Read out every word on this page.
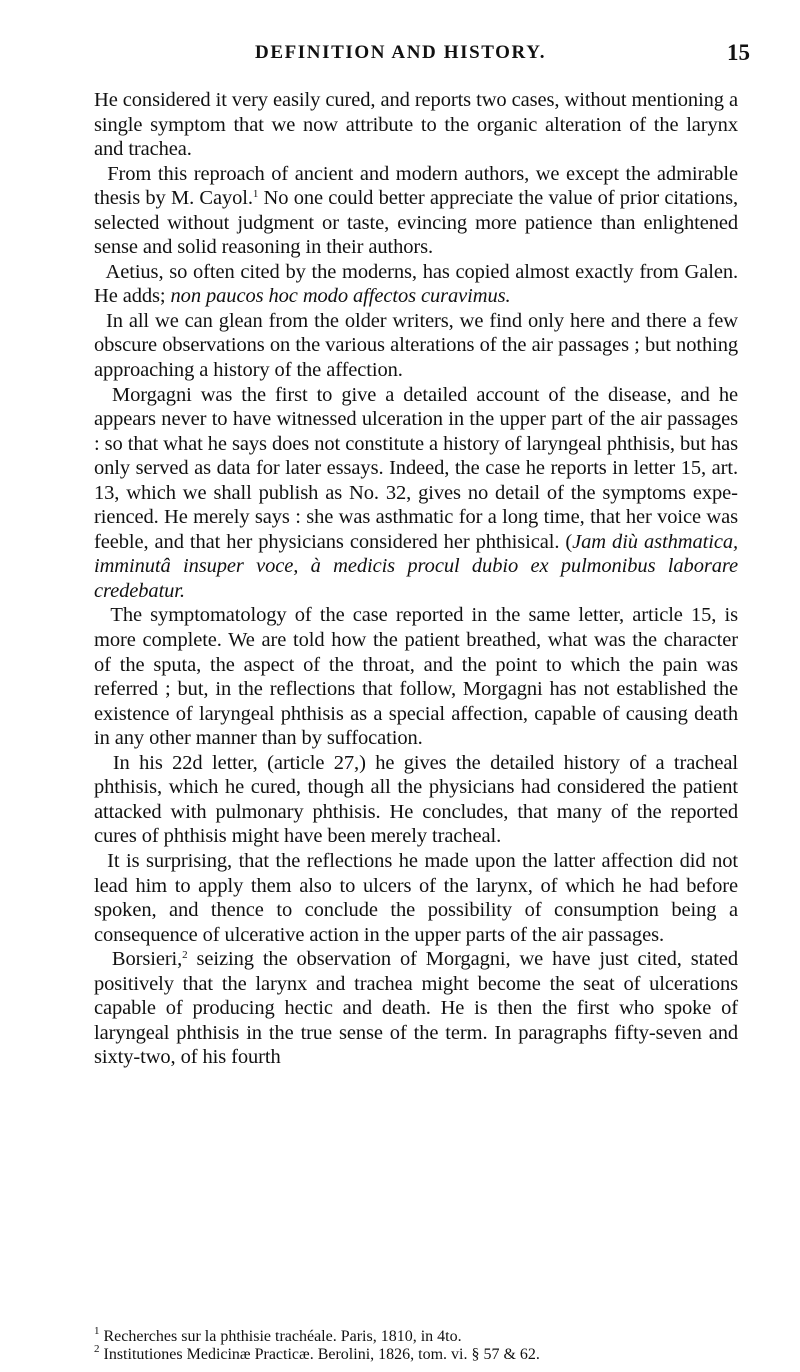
DEFINITION AND HISTORY.	15

He considered it very easily cured, and reports two cases, without mentioning a single symptom that we now attribute to the organic alteration of the larynx and trachea.

From this reproach of ancient and modern authors, we except the admirable thesis by M. Cayol.$^1$ No one could better appreciate the value of prior citations, selected without judgment or taste, evincing more patience than enlightened sense and solid reasoning in their authors.

Aetius, so often cited by the moderns, has copied almost exactly from Galen. He adds; non paucos hoc modo affectos curavimus.

In all we can glean from the older writers, we find only here and there a few obscure observations on the various alterations of the air passages ; but nothing approaching a history of the affection.

Morgagni was the first to give a detailed account of the disease, and he appears never to have witnessed ulceration in the upper part of the air passages : so that what he says does not constitute a history of laryngeal phthisis, but has only served as data for later essays. Indeed, the case he reports in letter 15, art. 13, which we shall publish as No. 32, gives no detail of the symptoms experienced. He merely says : she was asthmatic for a long time, that her voice was feeble, and that her physicians considered her phthisical. (Jam diù asthmatica, imminutâ insuper voce, à medicis procul dubio ex pulmonibus laborare credebatur.

The symptomatology of the case reported in the same letter, article 15, is more complete. We are told how the patient breathed, what was the character of the sputa, the aspect of the throat, and the point to which the pain was referred ; but, in the reflections that follow, Morgagni has not established the existence of laryngeal phthisis as a special affection, capable of causing death in any other manner than by suffocation.

In his 22d letter, (article 27,) he gives the detailed history of a tracheal phthisis, which he cured, though all the physicians had considered the patient attacked with pulmonary phthisis. He concludes, that many of the reported cures of phthisis might have been merely tracheal.

It is surprising, that the reflections he made upon the latter affection did not lead him to apply them also to ulcers of the larynx, of which he had before spoken, and thence to conclude the possibility of consumption being a consequence of ulcerative action in the upper parts of the air passages.

Borsieri,$^2$ seizing the observation of Morgagni, we have just cited, stated positively that the larynx and trachea might become the seat of ulcerations capable of producing hectic and death. He is then the first who spoke of laryngeal phthisis in the true sense of the term. In paragraphs fifty-seven and sixty-two, of his fourth

$^1$ Recherches sur la phthisie trachéale. Paris, 1810, in 4to.

$^2$ Institutiones Medicinæ Practicæ. Berolini, 1826, tom. vi. § 57 & 62.
